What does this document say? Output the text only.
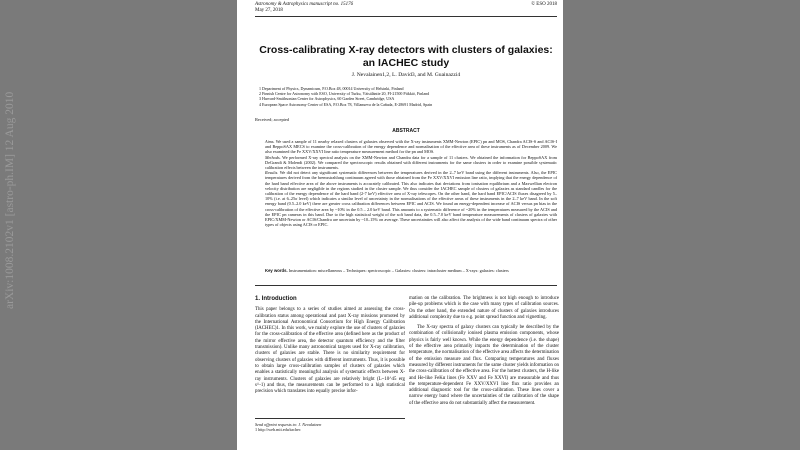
arXiv:1008.2102v1 [astro-ph.IM] 12 Aug 2010
Astronomy & Astrophysics manuscript no. 15176
May 27, 2018
© ESO 2018
Cross-calibrating X-ray detectors with clusters of galaxies: an IACHEC study
J. Nevalainen1,2, L. David3, and M. Guainazzi4
1 Department of Physics, Dynamicum, P.O.Box 48, 00014 University of Helsinki, Finland
2 Finnish Centre for Astronomy with ESO, University of Turku, Väisäläntie 20, FI-21500 Piikkiö, Finland
3 Harvard-Smithsonian Center for Astrophysics, 60 Garden Street, Cambridge, USA
4 European Space Astronomy Center of ESA, P.O.Box 78, Villanueva de la Cañada, E-28691 Madrid, Spain
Received; accepted
ABSTRACT

Aims. We used a sample of 11 nearby relaxed clusters of galaxies observed with the X-ray instruments XMM-Newton (EPIC) pn and MOS, Chandra ACIS-S and ACIS-I and BeppoSAX MECS to examine the cross-calibration of the energy dependence and normalisation of the effective area of these instruments as of December 2009. We also examined the Fe XXV/XXVI line ratio temperature measurement method for the pn and MOS.

Methods. We performed X-ray spectral analysis on the XMM-Newton and Chandra data for a sample of 11 clusters. We obtained the information for BeppoSAX from DeGrandi & Molendi (2002). We compared the spectroscopic results obtained with different instruments for the same clusters in order to examine possible systematic calibration effects between the instruments.

Results. We did not detect any significant systematic differences between the temperatures derived in the 2–7 keV band using the different instruments. Also, the EPIC temperatures derived from the bremsstrahlung continuum agreed with those obtained from the Fe XXV/XXVI emission line ratio, implying that the energy dependence of the hard band effective area of the above instruments is accurately calibrated. This also indicates that deviations from ionisation equilibrium and a Maxwellian electron velocity distribution are negligible in the regions studied in the cluster sample. We thus consider the IACHEC sample of clusters of galaxies as standard candles for the calibration of the energy dependence of the hard band (2-7 keV) effective area of X-ray telescopes. On the other hand, the hard band EPIC/ACIS fluxes disagreed by 5–10% (i.e. at 6–25σ level) which indicates a similar level of uncertainty in the normalisations of the effective areas of these instruments in the 2–7 keV band. In the soft energy band (0.5–2.0 keV) there are greater cross calibration differences between EPIC and ACIS. We found an energy-dependent increase of ACIS versus pn bias in the cross-calibration of the effective area by ~10% in the 0.5 – 2.0 keV band. This amounts to a systematic difference of ~20% in the temperatures measured by the ACIS and the EPIC pn cameras in this band. Due to the high statistical weight of the soft band data, the 0.5–7.0 keV band temperature measurements of clusters of galaxies with EPIC/XMM-Newton or ACIS/Chandra are uncertain by ~10–15% on average. These uncertainties will also affect the analysis of the wide band continuum spectra of other types of objects using ACIS or EPIC.

Key words. Instrumentation: miscellaneous – Techniques: spectroscopic – Galaxies: clusters: intracluster medium – X-rays: galaxies: clusters

1. Introduction

This paper belongs to a series of studies aimed at assessing the cross-calibration status among operational and past X-ray missions promoted by the International Astronomical Consortium for High Energy Calibration (IACHEC)1. In this work, we mainly explore the use of clusters of galaxies for the cross-calibration of the effective area (defined here as the product of the mirror effective area, the detector quantum efficiency and the filter transmission). Unlike many astronomical targets used for X-ray calibration, clusters of galaxies are stable. There is no similarity requirement for observing clusters of galaxies with different instruments. Thus, it is possible to obtain large cross-calibration samples of clusters of galaxies which enables a statistically meaningful analysis of systematic effects between X-ray instruments. Clusters of galaxies are relatively bright (L~10^45 erg s^-1) and thus, the measurements can be performed to a high statistical precision which translates into equally precise infor-

mation on the calibration. The brightness is not high enough to introduce pile-up problems which is the case with many types of calibration sources. On the other hand, the extended nature of clusters of galaxies introduces additional complexity due to e.g. point spread function and vignetting.

The X-ray spectra of galaxy clusters can typically be described by the combination of collisionally ionised plasma emission components, whose physics is fairly well known. While the energy dependence (i.e. the shape) of the effective area primarily impacts the determination of the cluster temperature, the normalisation of the effective area affects the determination of the emission measure and flux. Comparing temperatures and fluxes measured by different instruments for the same cluster yields information on the cross-calibration of the effective area. For the hottest clusters, the H-like and He-like FeKα lines (Fe XXV and Fe XXVI) are measurable and thus the temperature-dependent Fe XXV/XXVI line flux ratio provides an additional diagnostic tool for the cross-calibration. These lines cover a narrow energy band where the uncertainties of the calibration of the shape of the effective area do not substantially affect the measurement.

Send offprint requests to: J. Nevalainen
1 http://web.mit.edu/iachec
